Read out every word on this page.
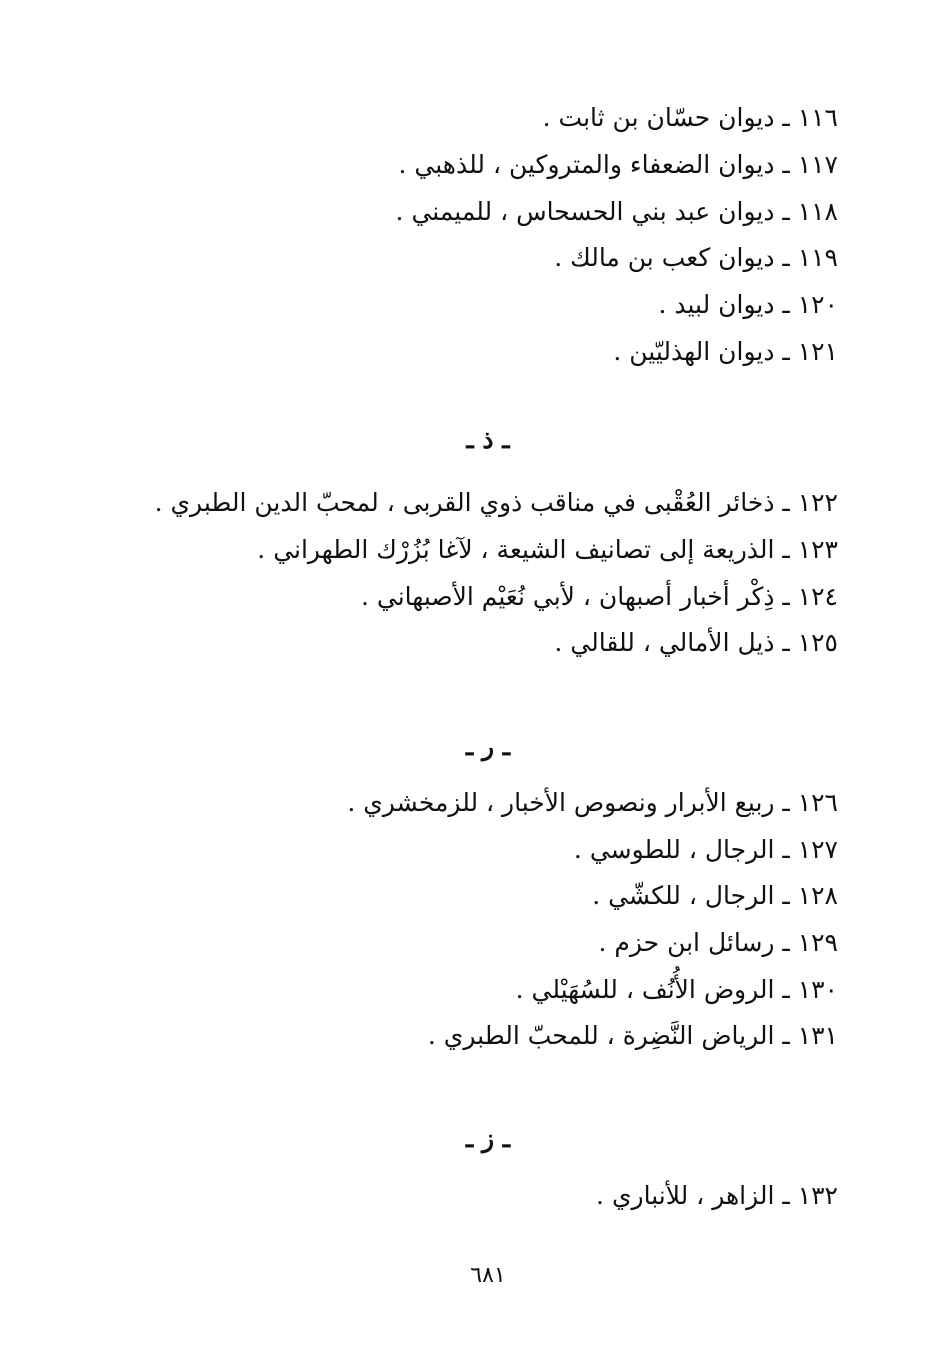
١١٦ ـ ديوان حسّان بن ثابت .
١١٧ ـ ديوان الضعفاء والمتروكين ، للذهبي .
١١٨ ـ ديوان عبد بني الحسحاس ، للميمني .
١١٩ ـ ديوان كعب بن مالك .
١٢٠ ـ ديوان لبيد .
١٢١ ـ ديوان الهذليّين .
ـ ذ ـ
١٢٢ ـ ذخائر العُقْبى في مناقب ذوي القربى ، لمحبّ الدين الطبري .
١٢٣ ـ الذريعة إلى تصانيف الشيعة ، لآغا بُزُرْك الطهراني .
١٢٤ ـ ذِكْر أخبار أصبهان ، لأبي نُعَيْم الأصبهاني .
١٢٥ ـ ذيل الأمالي ، للقالي .
ـ ر ـ
١٢٦ ـ ربيع الأبرار ونصوص الأخبار ، للزمخشري .
١٢٧ ـ الرجال ، للطوسي .
١٢٨ ـ الرجال ، للكشّي .
١٢٩ ـ رسائل ابن حزم .
١٣٠ ـ الروض الأُنُف ، للسُهَيْلي .
١٣١ ـ الرياض النَّضِرة ، للمحبّ الطبري .
ـ ز ـ
١٣٢ ـ الزاهر ، للأنباري .
٦٨١
